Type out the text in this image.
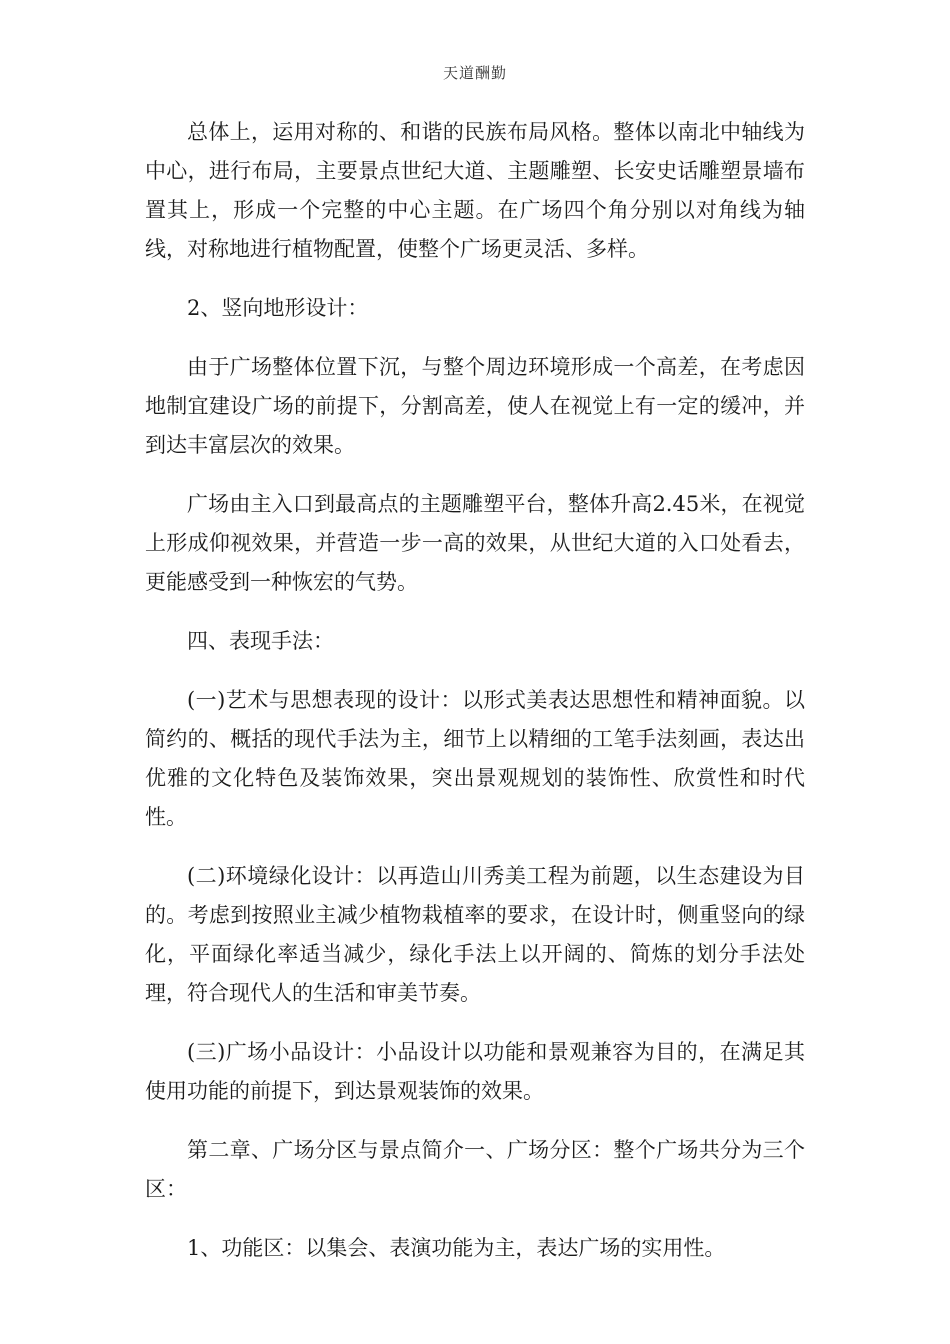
天道酬勤

总体上，运用对称的、和谐的民族布局风格。整体以南北中轴线为中心，进行布局，主要景点世纪大道、主题雕塑、长安史话雕塑景墙布置其上，形成一个完整的中心主题。在广场四个角分别以对角线为轴线，对称地进行植物配置，使整个广场更灵活、多样。

2、竖向地形设计：

由于广场整体位置下沉，与整个周边环境形成一个高差，在考虑因地制宜建设广场的前提下，分割高差，使人在视觉上有一定的缓冲，并到达丰富层次的效果。

广场由主入口到最高点的主题雕塑平台，整体升高2.45米，在视觉上形成仰视效果，并营造一步一高的效果，从世纪大道的入口处看去，更能感受到一种恢宏的气势。

四、表现手法：

(一)艺术与思想表现的设计：以形式美表达思想性和精神面貌。以简约的、概括的现代手法为主，细节上以精细的工笔手法刻画，表达出优雅的文化特色及装饰效果，突出景观规划的装饰性、欣赏性和时代性。

(二)环境绿化设计：以再造山川秀美工程为前题，以生态建设为目的。考虑到按照业主减少植物栽植率的要求，在设计时，侧重竖向的绿化，平面绿化率适当减少，绿化手法上以开阔的、简炼的划分手法处理，符合现代人的生活和审美节奏。

(三)广场小品设计：小品设计以功能和景观兼容为目的，在满足其使用功能的前提下，到达景观装饰的效果。

第二章、广场分区与景点简介一、广场分区：整个广场共分为三个区：

1、功能区：以集会、表演功能为主，表达广场的实用性。
